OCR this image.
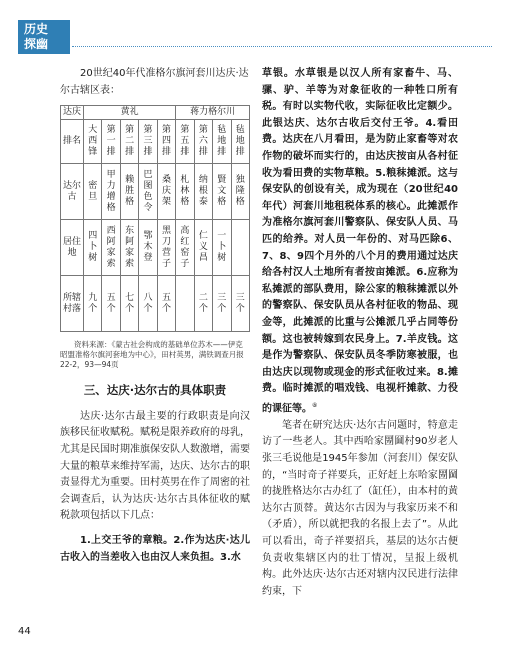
历史
探幽

20世纪40年代准格尔旗河套川达庆·达尔古辖区表：

达庆	黄礼					蒋力格尔川			
排名	大西锋	第一排	第二排	第三排	第四排	第五排	第六排	毡地排	毡地排
达尔古	密旦	甲力增格	赖胜格	巴图色令	桑庆架	札林格	纳根泰	賢文格	独隆格
居住地	四卜树	西阿家索	东阿家索	鄂木登	黑刀营子	高红窑子	仁义昌	一卜树	
所辖村落	九个	五个	七个	八个	五个		二个	三个	三个

资料来源：《蒙古社会构成的基础单位苏木——伊克昭盟准格尔旗河套地为中心》，田村英男，满铁调查月报22-2，93—94页

三、达庆·达尔古的具体职责

达庆·达尔古最主要的行政职责是向汉族移民征收赋税。赋税是限养政府的母乳，尤其是民国时期准旗保安队人数激增，需要大量的粮草来维持军需，达庆、达尔古的职责显得尤为重要。田村英男在作了周密的社会调查后，认为达庆·达尔古具体征收的赋税款项包括以下几点：

1.上交王爷的章粮。2.作为达庆·达儿古收入的当差收入也由汉人来负担。3.水

草银。水草银是以汉人所有家畜牛、马、骡、驴、羊等为对象征收的一种牲口所有税。有时以实物代收，实际征收比定额少。此银达庆、达尔古收后交付王爷。4.看田费。达庆在八月看田，是为防止家畜等对农作物的破坏而实行的，由达庆按亩从各村征收为看田费的实物草粮。5.粮秣摊派。这与保安队的创设有关，成为现在（20世纪40年代）河套川地租税体系的核心。此摊派作为准格尔旗河套川警察队、保安队人员、马匹的给养。对人员一年份的、对马匹除6、7、8、9四个月外的八个月的费用通过达庆给各村汉人土地所有者按亩摊派。6.应称为私摊派的部队费用，除公家的粮秣摊派以外的警察队、保安队员从各村征收的物品、现金等，此摊派的比重与公摊派几乎占同等份额。这也被转嫁到农民身上。7.羊皮钱。这是作为警察队、保安队员冬季防寒被服，也由达庆以现物或现金的形式征收过来。8.摊费。临时摊派的唱戏钱、电视杆摊款、力役的课征等。⑧

笔者在研究达庆·达尔古问题时，特意走访了一些老人。其中西哈家圐圙村90岁老人张三毛说他是1945年参加（河套川）保安队的，“当时奇子祥要兵，正好赶上东哈家圐圙的拢胜格达尔古办红了（缸任），由本村的黄达尔古顶替。黄达尔古因为与我家历来不和（矛盾），所以就把我的名报上去了”。从此可以看出，奇子祥要招兵，基层的达尔古便负责收集辖区内的壮丁情况，呈报上级机构。此外达庆·达尔古还对辖内汉民进行法律约束，下

44
